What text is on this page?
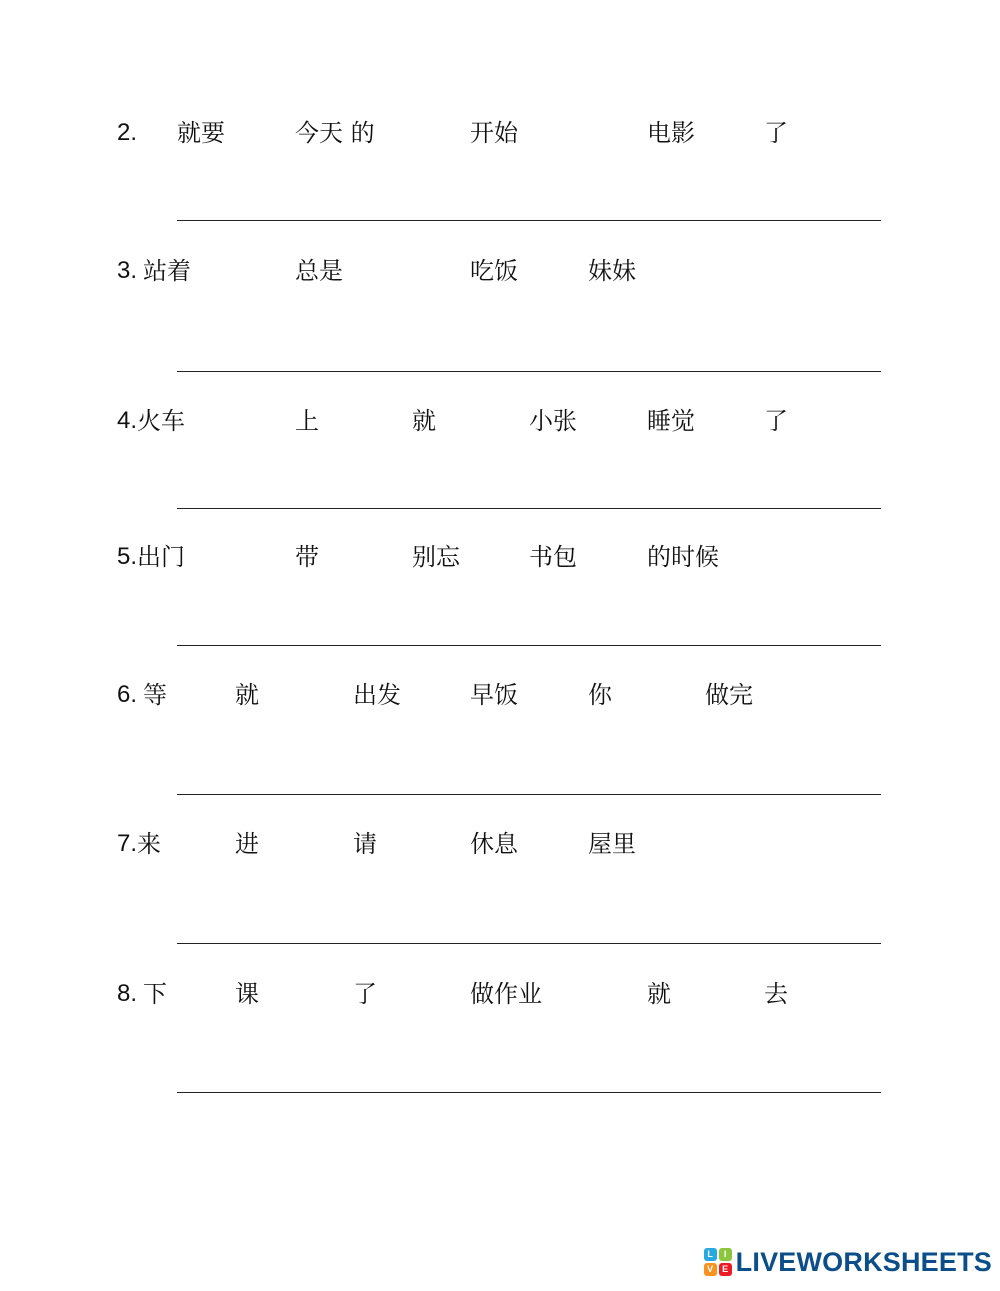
2. 就要	今天 的	开始	电影	了
3. 站着	总是	吃饭	妹妹
4. 火车	上	就	小张	睡觉	了
5. 出门	带	别忘	书包	的时候
6. 等	就	出发	早饭	你	做完
7. 来	进	请	休息	屋里
8. 下	课	了	做作业	就	去
L	I
V E LIVEWORKSHEETS
